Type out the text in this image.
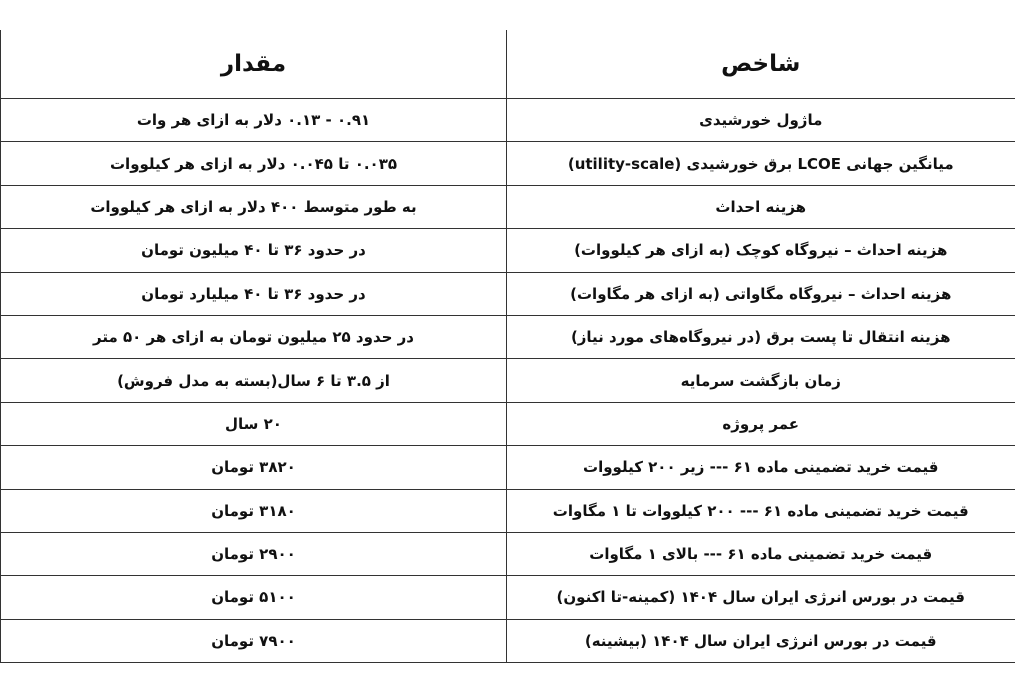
شاخص	مقدار
ماژول خورشیدی	۰.۹۱ - ۰.۱۳ دلار به ازای هر وات
میانگین جهانی LCOE برق خورشیدی (utility-scale)	۰.۰۳۵ تا ۰.۰۴۵ دلار به ازای هر کیلووات
هزینه احداث	به طور متوسط ۴۰۰ دلار به ازای هر کیلووات
هزینه احداث – نیروگاه کوچک (به ازای هر کیلووات)	در حدود ۳۶ تا ۴۰ میلیون تومان
هزینه احداث – نیروگاه مگاواتی (به ازای هر مگاوات)	در حدود ۳۶ تا ۴۰ میلیارد تومان
هزینه انتقال تا پست برق (در نیروگاه‌های مورد نیاز)	در حدود ۲۵ میلیون تومان به ازای هر ۵۰ متر
زمان بازگشت سرمایه	از ۳.۵ تا ۶ سال(بسته به مدل فروش)
عمر پروژه	۲۰ سال
قیمت خرید تضمینی ماده ۶۱ --- زیر ۲۰۰ کیلووات	۳۸۲۰ تومان
قیمت خرید تضمینی ماده ۶۱ --- ۲۰۰ کیلووات تا ۱ مگاوات	۳۱۸۰ تومان
قیمت خرید تضمینی ماده ۶۱ --- بالای ۱ مگاوات	۲۹۰۰ تومان
قیمت در بورس انرژی ایران سال ۱۴۰۴ (کمینه-تا اکنون)	۵۱۰۰ تومان
قیمت در بورس انرژی ایران سال ۱۴۰۴ (بیشینه)	۷۹۰۰ تومان
